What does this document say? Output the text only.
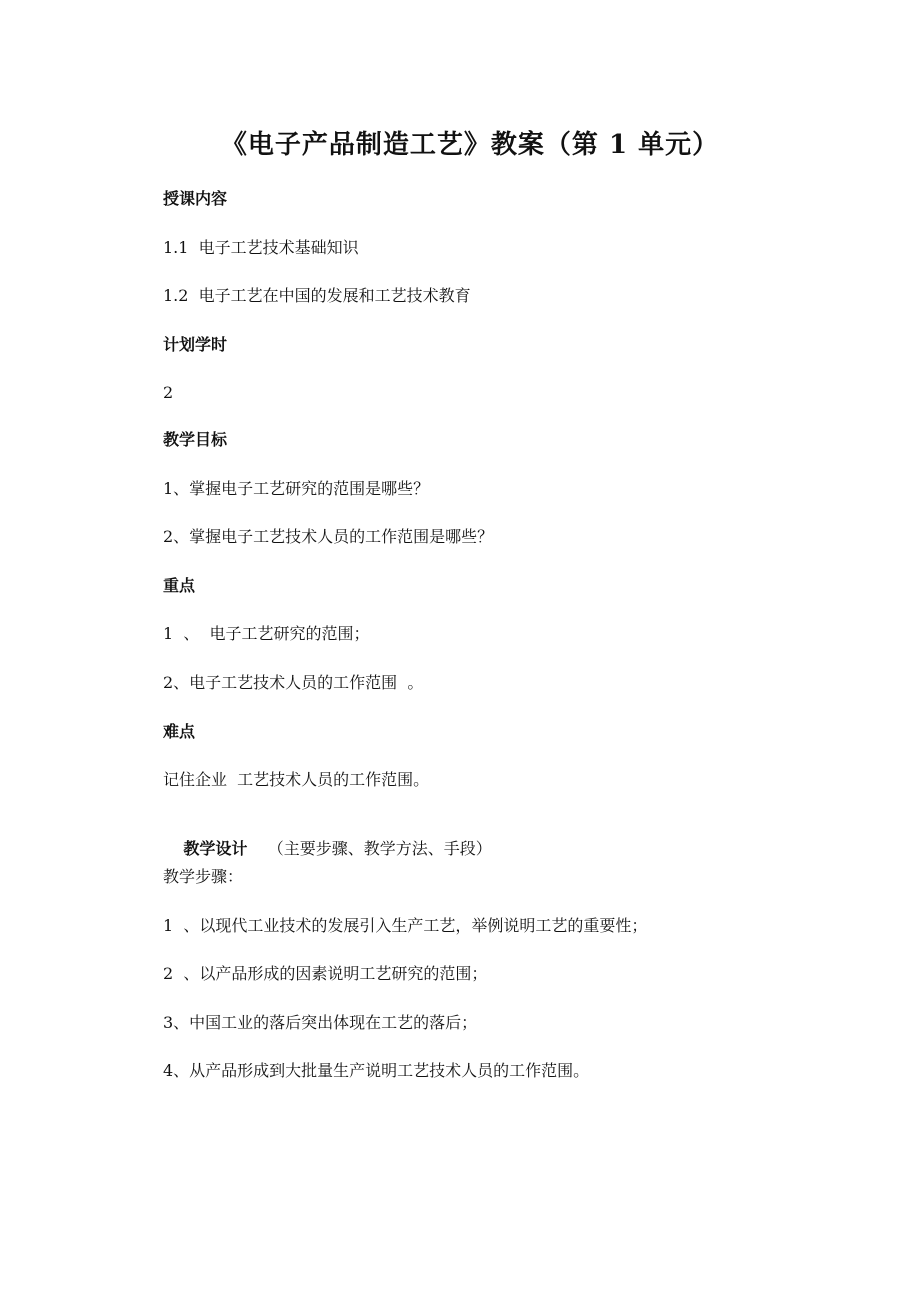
《电子产品制造工艺》教案（第 1 单元）
授课内容
1.1  电子工艺技术基础知识
1.2  电子工艺在中国的发展和工艺技术教育
计划学时
2
教学目标
1、掌握电子工艺研究的范围是哪些？
2、掌握电子工艺技术人员的工作范围是哪些？
重点
1  、  电子工艺研究的范围；
2、电子工艺技术人员的工作范围  。
难点
记住企业  工艺技术人员的工作范围。

教学设计 （主要步骤、教学方法、手段）

教学步骤：
1  、以现代工业技术的发展引入生产工艺，举例说明工艺的重要性；
2  、以产品形成的因素说明工艺研究的范围；
3、中国工业的落后突出体现在工艺的落后；
4、从产品形成到大批量生产说明工艺技术人员的工作范围。
